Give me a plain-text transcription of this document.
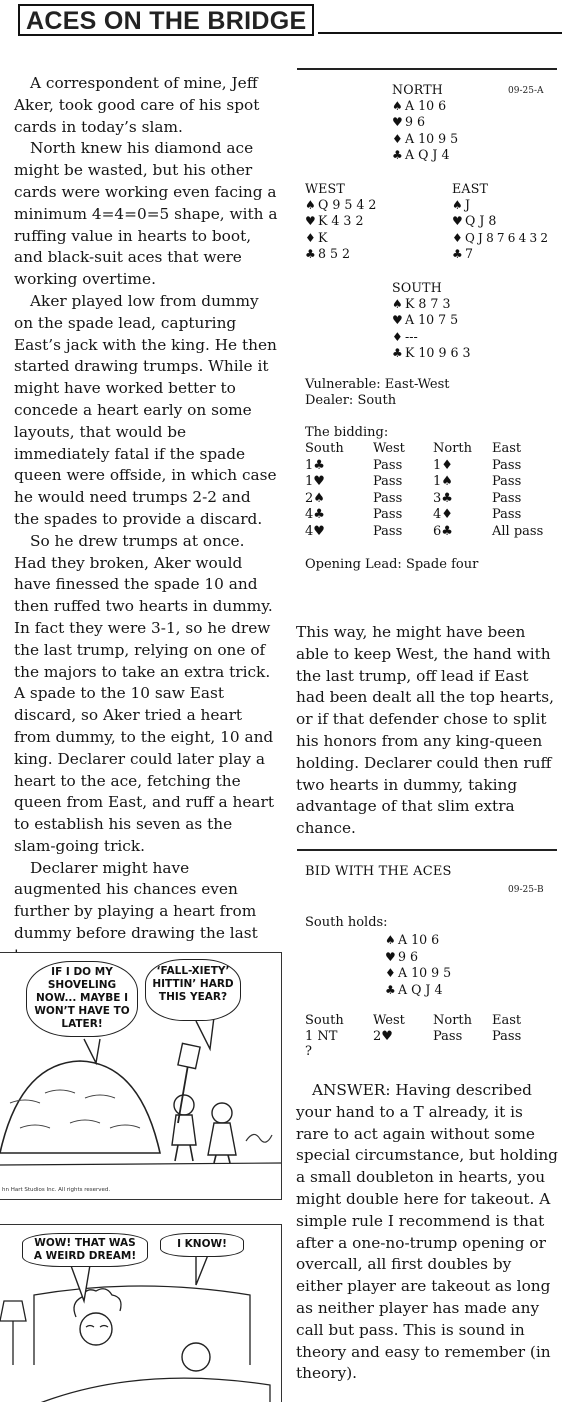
ACES ON THE BRIDGE

A correspondent of mine, Jeff Aker, took good care of his spot cards in today’s slam.

North knew his diamond ace might be wasted, but his other cards were working even facing a minimum 4=4=0=5 shape, with a ruffing value in hearts to boot, and black-suit aces that were working overtime.

Aker played low from dummy on the spade lead, capturing East’s jack with the king. He then started drawing trumps. While it might have worked better to concede a heart early on some layouts, that would be immediately fatal if the spade queen were offside, in which case he would need trumps 2-2 and the spades to provide a discard.

So he drew trumps at once. Had they broken, Aker would have finessed the spade 10 and then ruffed two hearts in dummy. In fact they were 3-1, so he drew the last trump, relying on one of the majors to take an extra trick. A spade to the 10 saw East discard, so Aker tried a heart from dummy, to the eight, 10 and king. Declarer could later play a heart to the ace, fetching the queen from East, and ruff a heart to establish his seven as the slam-going trick.

Declarer might have augmented his chances even further by playing a heart from dummy before drawing the last

09-25-A
NORTH
♠ A 10 6
♥ 9 6
♦ A 10 9 5
♣ A Q J 4
WEST
♠ Q 9 5 4 2
♥ K 4 3 2
♦ K
♣ 8 5 2
EAST
♠ J
♥ Q J 8
♦ Q J 8 7 6 4 3 2
♣ 7
SOUTH
♠ K 8 7 3
♥ A 10 7 5
♦ ---
♣ K 10 9 6 3
Vulnerable: East-West
Dealer: South
The bidding:
South West North East
1♣	Pass 1♦	Pass
1♥	Pass 1♠	Pass
2♠	Pass 3♣	Pass
4♣	Pass 4♦	Pass
4♥	Pass 6♣	All pass
Opening Lead: Spade four

This way, he might have been able to keep West, the hand with the last trump, off lead if East had been dealt all the top hearts, or if that defender chose to split his honors from any king-queen holding. Declarer could then ruff two hearts in dummy, taking advantage of that slim extra chance.

BID WITH THE ACES
09-25-B
South holds:
♠ A 10 6
♥ 9 6
♦ A 10 9 5
♣ A Q J 4
South West North East
1 NT	2♥	Pass Pass
?

ANSWER: Having described your hand to a T already, it is rare to act again without some special circumstance, but holding a small doubleton in hearts, you might double here for takeout. A simple rule I recommend is that after a one-no-trump opening or overcall, all first doubles by either player are takeout as long as neither player has made any call but pass. This is sound in theory and easy to remember (in theory).

IF I DO MY SHOVELING NOW... MAYBE I WON’T HAVE TO LATER!
‘FALL-XIETY’ HITTIN’ HARD THIS YEAR?
hn Hart Studios Inc. All rights reserved.
WOW! THAT WAS A WEIRD DREAM!
I KNOW!
